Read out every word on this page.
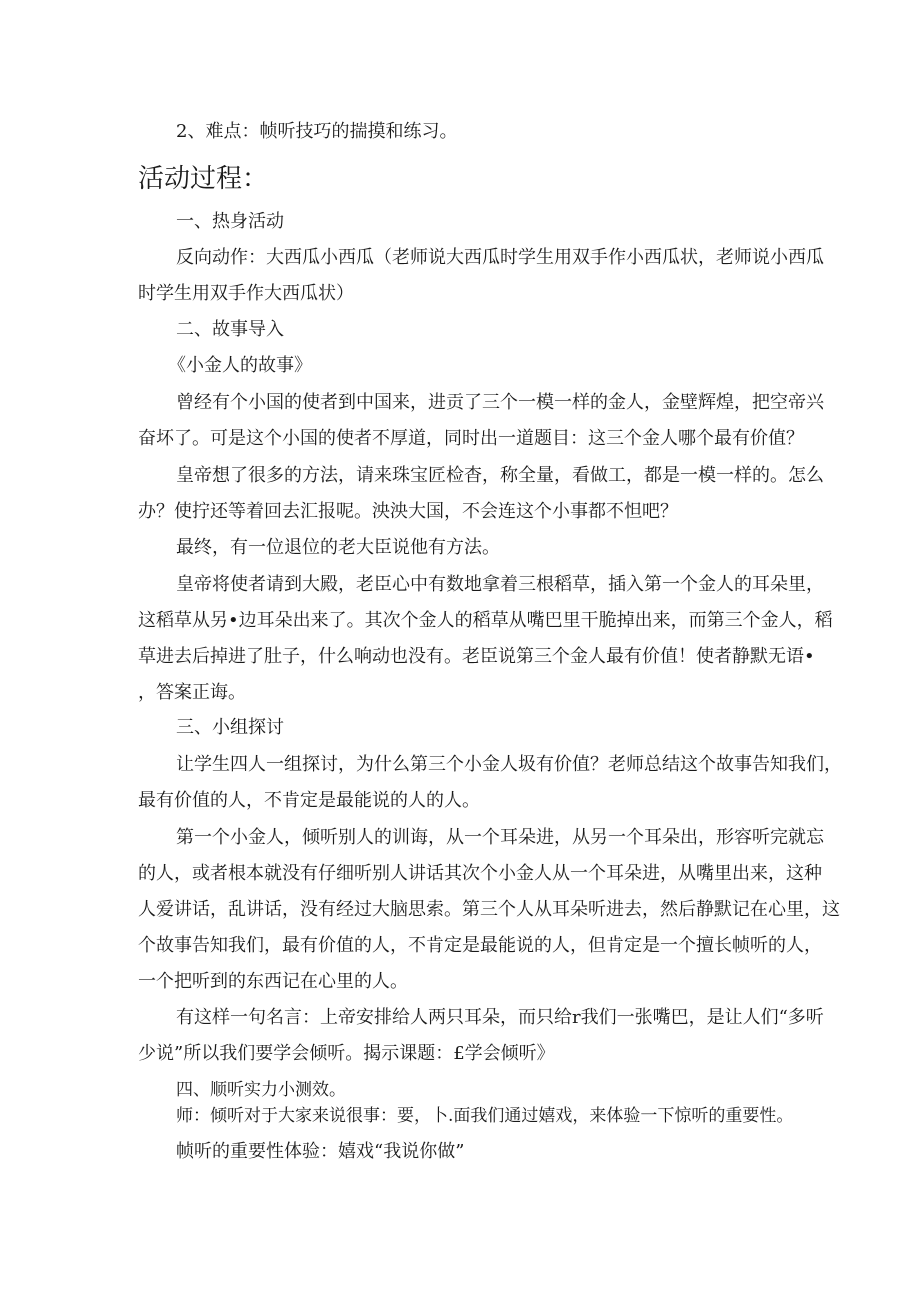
2、难点：帧听技巧的揣摸和练习。
活动过程：
一、热身活动
反向动作：大西瓜小西瓜（老师说大西瓜时学生用双手作小西瓜状，老师说小西瓜
时学生用双手作大西瓜状）
二、故事导入
《小金人的故事》
曾经有个小国的使者到中国来，进贡了三个一模一样的金人，金壁辉煌，把空帝兴
奋坏了。可是这个小国的使者不厚道，同时出一道题目：这三个金人哪个最有价值？
皇帝想了很多的方法，请来珠宝匠检杳，称全量，看做工，都是一模一样的。怎么
办？使拧还等着回去汇报呢。泱泱大国，不会连这个小事都不怛吧？
最终，有一位退位的老大臣说他有方法。
皇帝将使者请到大殿，老臣心中有数地拿着三根稻草，插入第一个金人的耳朵里，
这稻草从另•边耳朵出来了。其次个金人的稻草从嘴巴里干脆掉出来，而第三个金人，稻
草进去后掉进了肚子，什么响动也没有。老臣说第三个金人最有价值！使者静默无语•
，答案正诲。
三、小组探讨
让学生四人一组探讨，为什么第三个小金人圾有价值？老师总结这个故事告知我们，
最有价值的人，不肯定是最能说的人的人。
第一个小金人，倾听别人的训诲，从一个耳朵进，从另一个耳朵出，形容听完就忘
的人，或者根本就没有仔细听别人讲话其次个小金人从一个耳朵进，从嘴里出来，这种
人爱讲话，乱讲话，没有经过大脑思索。第三个人从耳朵听进去，然后静默记在心里，这
个故事告知我们，最有价值的人，不肯定是最能说的人，但肯定是一个擅长帧听的人，
一个把听到的东西记在心里的人。
有这样一句名言：上帝安排给人两只耳朵，而只给r我们一张嘴巴，是让人们“多听
少说”所以我们要学会倾听。揭示课题：£学会倾听》
四、顺听实力小测效。
师：倾听对于大家来说很事：要，卜.面我们通过嬉戏，来体验一下惊听的重要性。
帧听的重要性体验：嬉戏“我说你做”
